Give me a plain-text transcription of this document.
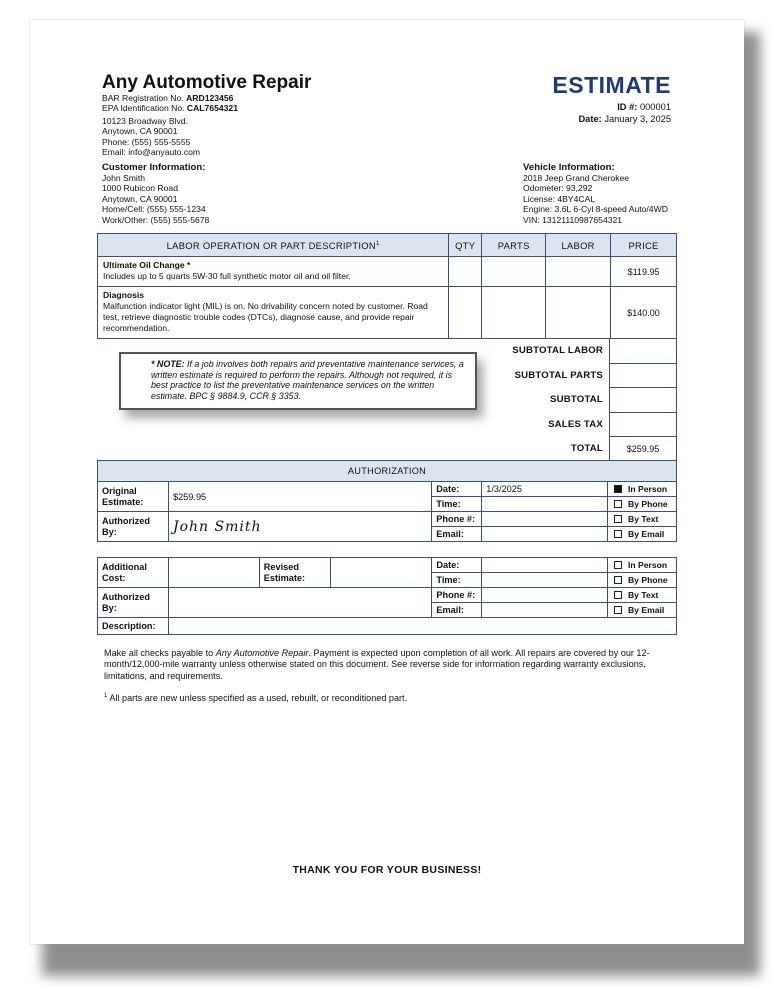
Any Automotive Repair
BAR Registration No. ARD123456
EPA Identification No. CAL7654321
10123 Broadway Blvd.
Anytown, CA 90001
Phone: (555) 555-5555
Email: info@anyauto.com
ESTIMATE
ID #: 000001
Date: January 3, 2025
Customer Information:
John Smith
1000 Rubicon Road
Anytown, CA 90001
Home/Cell: (555) 555-1234
Work/Other: (555) 555-5678
Vehicle Information:
2018 Jeep Grand Cherokee
Odometer: 93,292
License: 4BY4CAL
Engine: 3.6L 6-Cyl 8-speed Auto/4WD
VIN: 13121110987654321
LABOR OPERATION OR PART DESCRIPTION$^1$	QTY	PARTS	LABOR	PRICE

Ultimate Oil Change *
Includes up to 5 quarts 5W-30 full synthetic motor oil and oil filter.				$119.95

Diagnosis
Malfunction indicator light (MIL) is on. No drivability concern noted by customer. Road test, retrieve diagnostic trouble codes (DTCs), diagnose cause, and provide repair recommendation.				$140.00
* NOTE: If a job involves both repairs and preventative maintenance services, a written estimate is required to perform the repairs. Although not required, it is best practice to list the preventative maintenance services on the written estimate. BPC § 9884.9, CCR § 3353.
SUBTOTAL LABOR	
SUBTOTAL PARTS	
SUBTOTAL	
SALES TAX	
TOTAL	$259.95
AUTHORIZATION				
Original Estimate:	$259.95	Date:	1/3/2025	In Person
		Time:		By Phone
Authorized By:	John Smith	Phone #:		By Text
		Email:		By Email
Additional Cost:		Revised Estimate:		Date:		In Person
				Time:		By Phone
Authorized By:				Phone #:		By Text
				Email:		By Email
Description:						
Make all checks payable to Any Automotive Repair. Payment is expected upon completion of all work. All repairs are covered by our 12-month/12,000-mile warranty unless otherwise stated on this document. See reverse side for information regarding warranty exclusions, limitations, and requirements.
$^1$ All parts are new unless specified as a used, rebuilt, or reconditioned part.
THANK YOU FOR YOUR BUSINESS!
